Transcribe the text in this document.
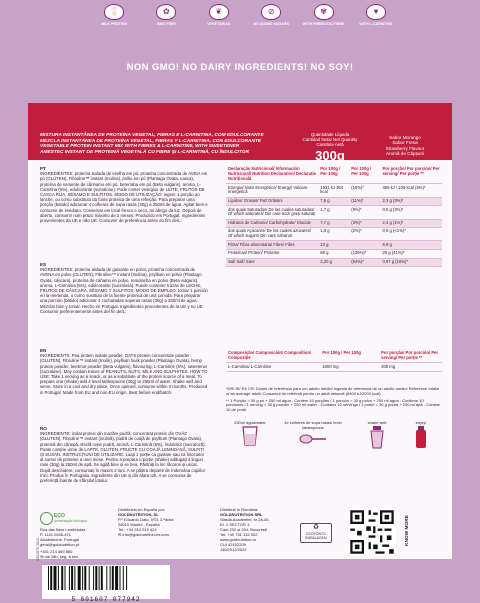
🥛
MILK PROTEIN
✿
GMO FREE
❦
VEGETARIAN
⊘
NO ADDED SUGARS
✾
WITH PREBIOTIC FIBRE
♥
WITH L-CARNITINE
NON GMO! NO DAIRY INGREDIENTS! NO SOY!
MISTURA INSTANTÂNEA DE PROTEÍNA VEGETAL, FIBRAS E L-CARNITINA, COM EDULCORANTE
MEZCLA INSTANTÁNEA DE PROTEÍNA VEGETAL, FIBRAS Y L-CARNITINA, CON EDULCORANTE
VEGETABLE PROTEIN INSTANT MIX WITH FIBRES & L-CARNITINE, WITH SWEETENER
AMESTEC INSTANT DE PROTEINĂ VEGETALĂ CU FIBRE ŞI L-CARNITINĂ, CU ÎNDULCITOR
Quantidade Líquida
Cantidad Neta/ Net Quantity
Cantitate netă
300g
Sabor Morango
Sabor Fresa
Strawberry Flavour
Aromă de Căpșuni
PT
INGREDIENTES: proteína isolada de ervilha em pó, proteína concentrada de AVEIA em pó (GLÚTEN), Fibruline™ instant (Inulina), psílio em pó (Plantago Ovata, casca), proteína de semente de cânhamo em pó, beterraba em pó (Beta vulgaris), aroma, L-Carnitina (5%), edulcorante (sucralose). Pode conter vestígios de LEITE, FRUTOS DE CASCA RIJA, SÉSAMO E SULFITOS. MODO DE UTILIZAÇÃO: ingerir 1 porção ao lanche, ou como substituto da fonte proteica de uma refeição. Para preparar uma porção (batido) adicionar 4 colheres de sopa rasas (30g) a 250ml de água. Agitar bem e consumir de imediato. Conservar em local fresco e seco, ao abrigo da luz. Depois de aberto, consumir num prazo máximo de 2 meses. Produzido em Portugal. Ingredientes provenientes da UE e não UE. Consumir de preferência antes do fim de/L:
ES
INGREDIENTES: proteína aislada de guisante en polvo, proteína concentrada de AVENA en polvo (GLUTEN), Fibruline™ instant (Inulina), psyllium en polvo (Plantago Ovata, cáscara), proteína de cáñamo en polvo, remolacha en polvo (Beta vulgaris), aroma, L-Carnitina (5%), edulcorante (sucralosa). Puede contener trazas de LECHE, FRUTOS DE CÁSCARA, SÉSAMO Y SULFITOS. MODO DE EMPLEO: tomar 1 porción en la merienda, o como sustituto de la fuente proteica de una comida. Para preparar una porción (batido) adicionar 4 cucharadas soperas rasas (30g) a 250ml de agua. Mezclar bien y tomar. Hecho en Portugal. Ingredientes procedentes de la UE y no UE. Consumir preferentemente antes del fin de/L:
EN
INGREDIENTS: Pea protein isolate powder, OATS protein concentrate powder (GLUTEN), Fibruline™ instant (Inulin), psyllium husk powder (Plantago Ovata), hemp protein powder, beetroot powder (Beta vulgaris), flavouring, L-Carnitine (5%), sweetener (sucralose). May contain traces of PEANUTS, NUTS, MILK AND SULPHITES. HOW TO USE: Take 1 serving as a snack, or as a substitute of the protein source of a meal. To prepare one (shake) add 4 level tablespoons (30g) to 250ml of water. Shake well and serve. Store in a cool and dry place. Once opened, consume within 2 months. Produced in Portugal. Made from EU and non-EU origin. Best before end/batch:
RO
INGREDIENTE: izolat proteic din mazăre pudră, concentrat proteic din OVĂZ (GLUTEN), Fibruline™ instant (inulină), pudră de coajă de psyllium (Plantago Ovata), proteină din cânepă, sfeclă roșie pudră, aromă, L-Carnitină (5%), îndulcitor (sucraloză). Poate conține urme de LAPTE, GLUTEN, FRUCTE CU COAJĂ LEMNOASĂ, SULFIȚI ȘI SUSAN. INSTRUCȚIUNI DE UTILIZARE: Luați 1 porție ca gustare sau ca înlocuitor al sursei de proteine a unei mese. Pentru a prepara o porție (shake) adăugați 4 linguri rase (30g) la 250ml de apă. Se agită bine și se bea. Păstrați la loc răcoros și uscat. După deschidere, consumați în maxim 2 luni. A se păstra departe de îndemâna copiilor mici. Produs în Portugalia. Ingrediente din UE și din afara UE. A se consuma de preferință înainte de sfârșitul lotului:
Declaração Nutricional/ Información Nutricional/ Nutrition Declaration/ Declarație Nutrițională	Por 100g / Per 100g	Por 100g / Per 100g	Por porção/ Por porción/ Per serving/ Per porție **
Energia/ Valor Energético/ Energy/ Valoare energetică	1531 kJ 364 kcal	(18%)*	459 kJ / 109 kcal (5%)*
Lípidos/ Grasas/ Fat/ Grăsimi	7,6 g	(11%)*	2,3 g (3%)*
dos quais Saturados/ De las cuales saturadas/ Of which saturates/ Din care acizi grași saturați	1,7 g	(9%)*	0,5 g (3%)*
Hidratos de Carbono/ Carbohydrate/ Glucide	7,7 g	(3%)*	2,3 g (1%)*
dos quais Açúcares/ De los cuales azúcares/ Of which sugars/ Din care zaharuri	1,8 g	(2%)*	0,6 g (<1%)*
Fibra/ Fibra alimentaria/ Fibre/ Fibre	23 g		6,9 g
Proteínas/ Protein/ Proteine	68 g	(136%)*	20 g (41%)*
Sal/ Salt/ Sare	3,20 g	(54%)*	0,97 g (16%)*
Composição/ Composición/ Composition/ Compoziție	Por 100g / Per 100g	Por porção/ Por porción/ Per serving/ Per porție **
L-Carnitina/ L-Carnitine	1000 mg	300 mg
*DR/ IR/ RI/ CR: Doses de referência para um adulto médio/ Ingesta de referencia de un adulto medio/ Reference Intake of an average adult/ Consumul de referință pentru un adult obișnuit (8400 kJ/2000 kcal).
** 1 Porção = 30 g pó + 250 ml água - Contém 10 porções / 1 porción = 30 g polvo + 250 ml agua - Contiene 10 porciones / 1 serving = 30 g powder + 250 ml water - Contains 10 servings / 1 porție = 30 g pudră + 250 ml apă - Conține 10 de porții
250ml água/water	4x colheres de sopa rasas/ level tablespoons
shake well	enjoy!
ECO
Alimentação biológica
Rua das Bem Lembradas
P. 1141 2646-471
Alcabideche, Portugal
geral@goldnutrition.pt
+351 214 469 880
9h às 18h, seg. à sex.
Distribuido en España por:
GOLDNUTRITION, SL
P.º Eduardo Dato, nº21 3.ºdcha
28010 Madrid - España
Tel.: +34 914 019 424
✉ info@goldnutrition-es.com
Distribuit în România:
GOLDNUTRITION SRL
Strada Academiei, nr 28-30,
Et. 2 SECTOR 1,
Cam 202 și 204, București
Tel: +40 751 132 302
www.goldnutrition.ro
CUI 42152209
J40/2312/2022
♻
ECOPONTO EMBALAGEM	KNOW MORE
0304070 2022
5 601607 077942
